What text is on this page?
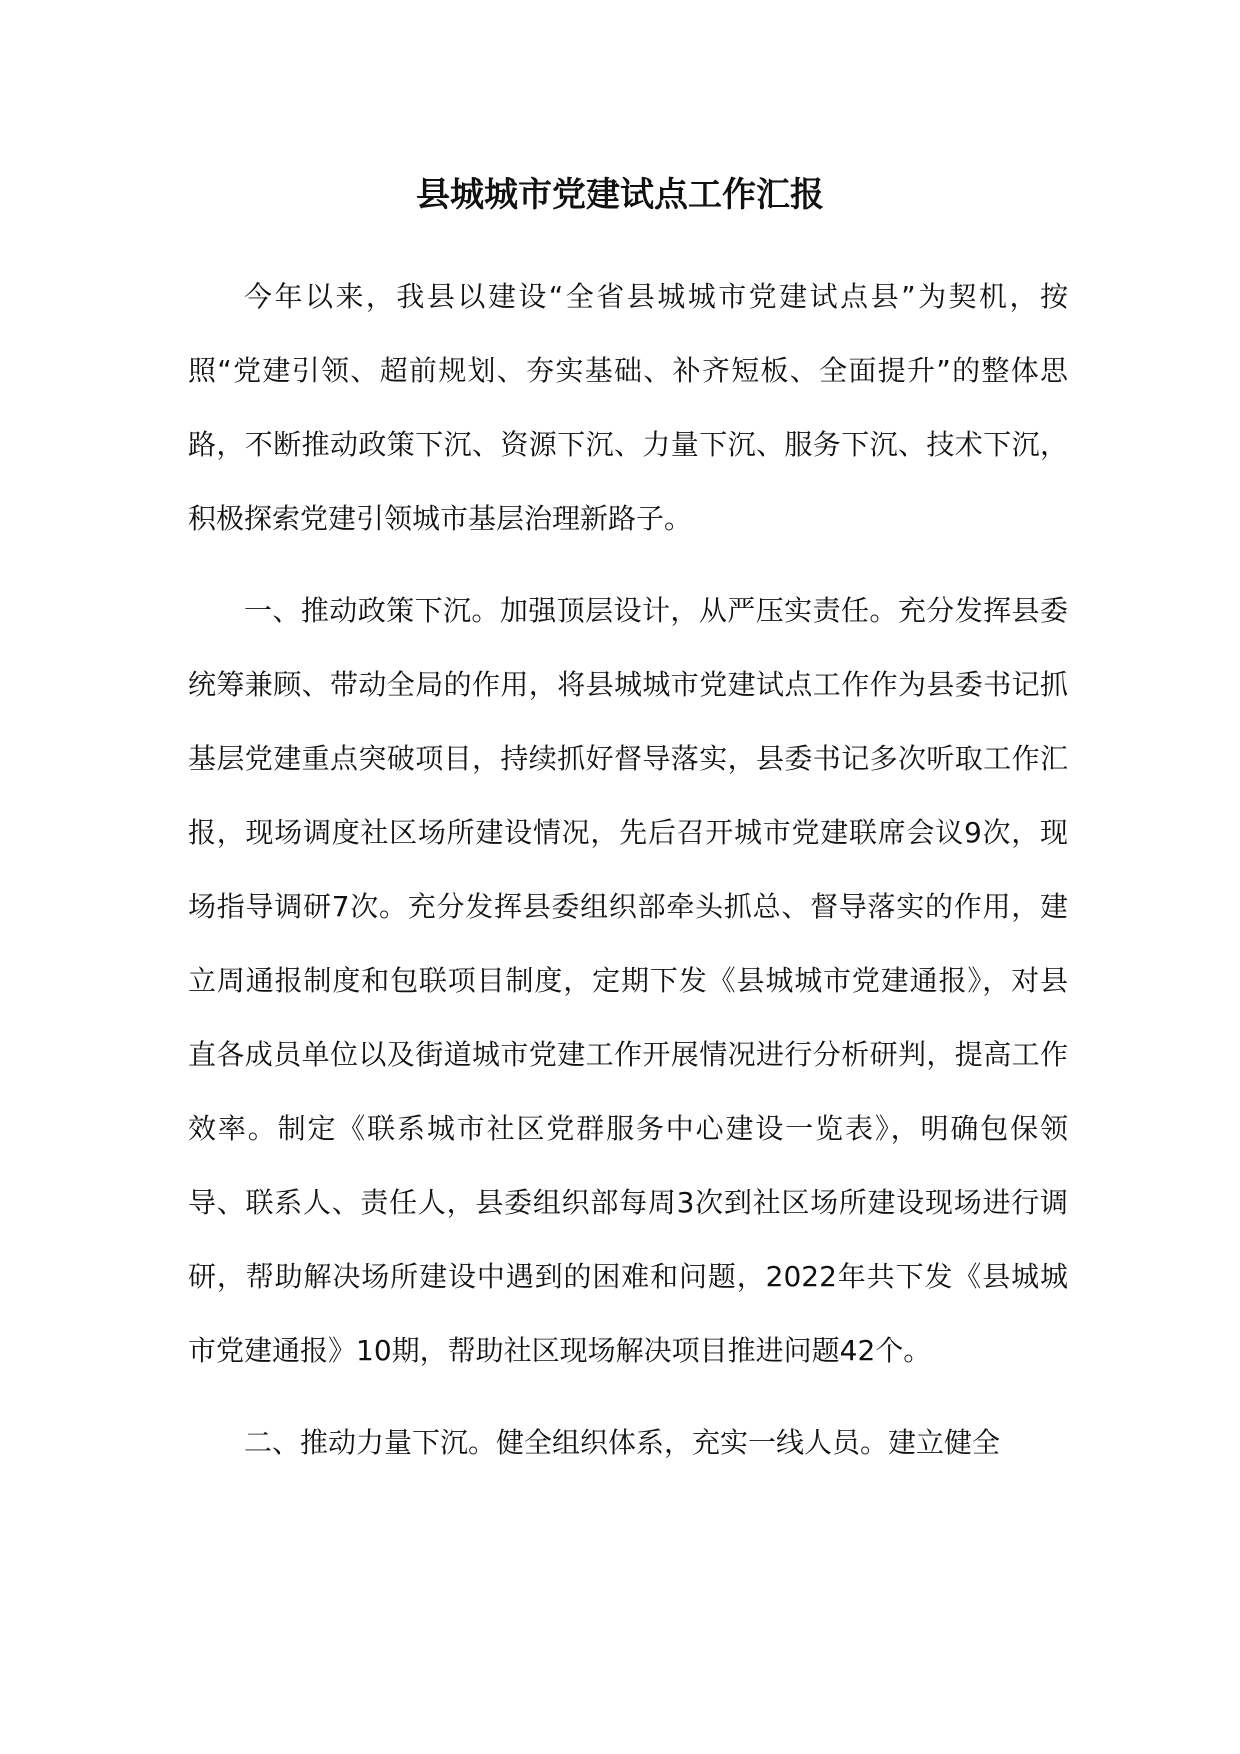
县城城市党建试点工作汇报

今年以来，我县以建设“全省县城城市党建试点县”为契机，按照“党建引领、超前规划、夯实基础、补齐短板、全面提升”的整体思路，不断推动政策下沉、资源下沉、力量下沉、服务下沉、技术下沉，积极探索党建引领城市基层治理新路子。

一、推动政策下沉。加强顶层设计，从严压实责任。充分发挥县委统筹兼顾、带动全局的作用，将县城城市党建试点工作作为县委书记抓基层党建重点突破项目，持续抓好督导落实，县委书记多次听取工作汇报，现场调度社区场所建设情况，先后召开城市党建联席会议9次，现场指导调研7次。充分发挥县委组织部牵头抓总、督导落实的作用，建立周通报制度和包联项目制度，定期下发《县城城市党建通报》，对县直各成员单位以及街道城市党建工作开展情况进行分析研判，提高工作效率。制定《联系城市社区党群服务中心建设一览表》，明确包保领导、联系人、责任人，县委组织部每周3次到社区场所建设现场进行调研，帮助解决场所建设中遇到的困难和问题，2022年共下发《县城城市党建通报》10期，帮助社区现场解决项目推进问题42个。

二、推动力量下沉。健全组织体系，充实一线人员。建立健全
